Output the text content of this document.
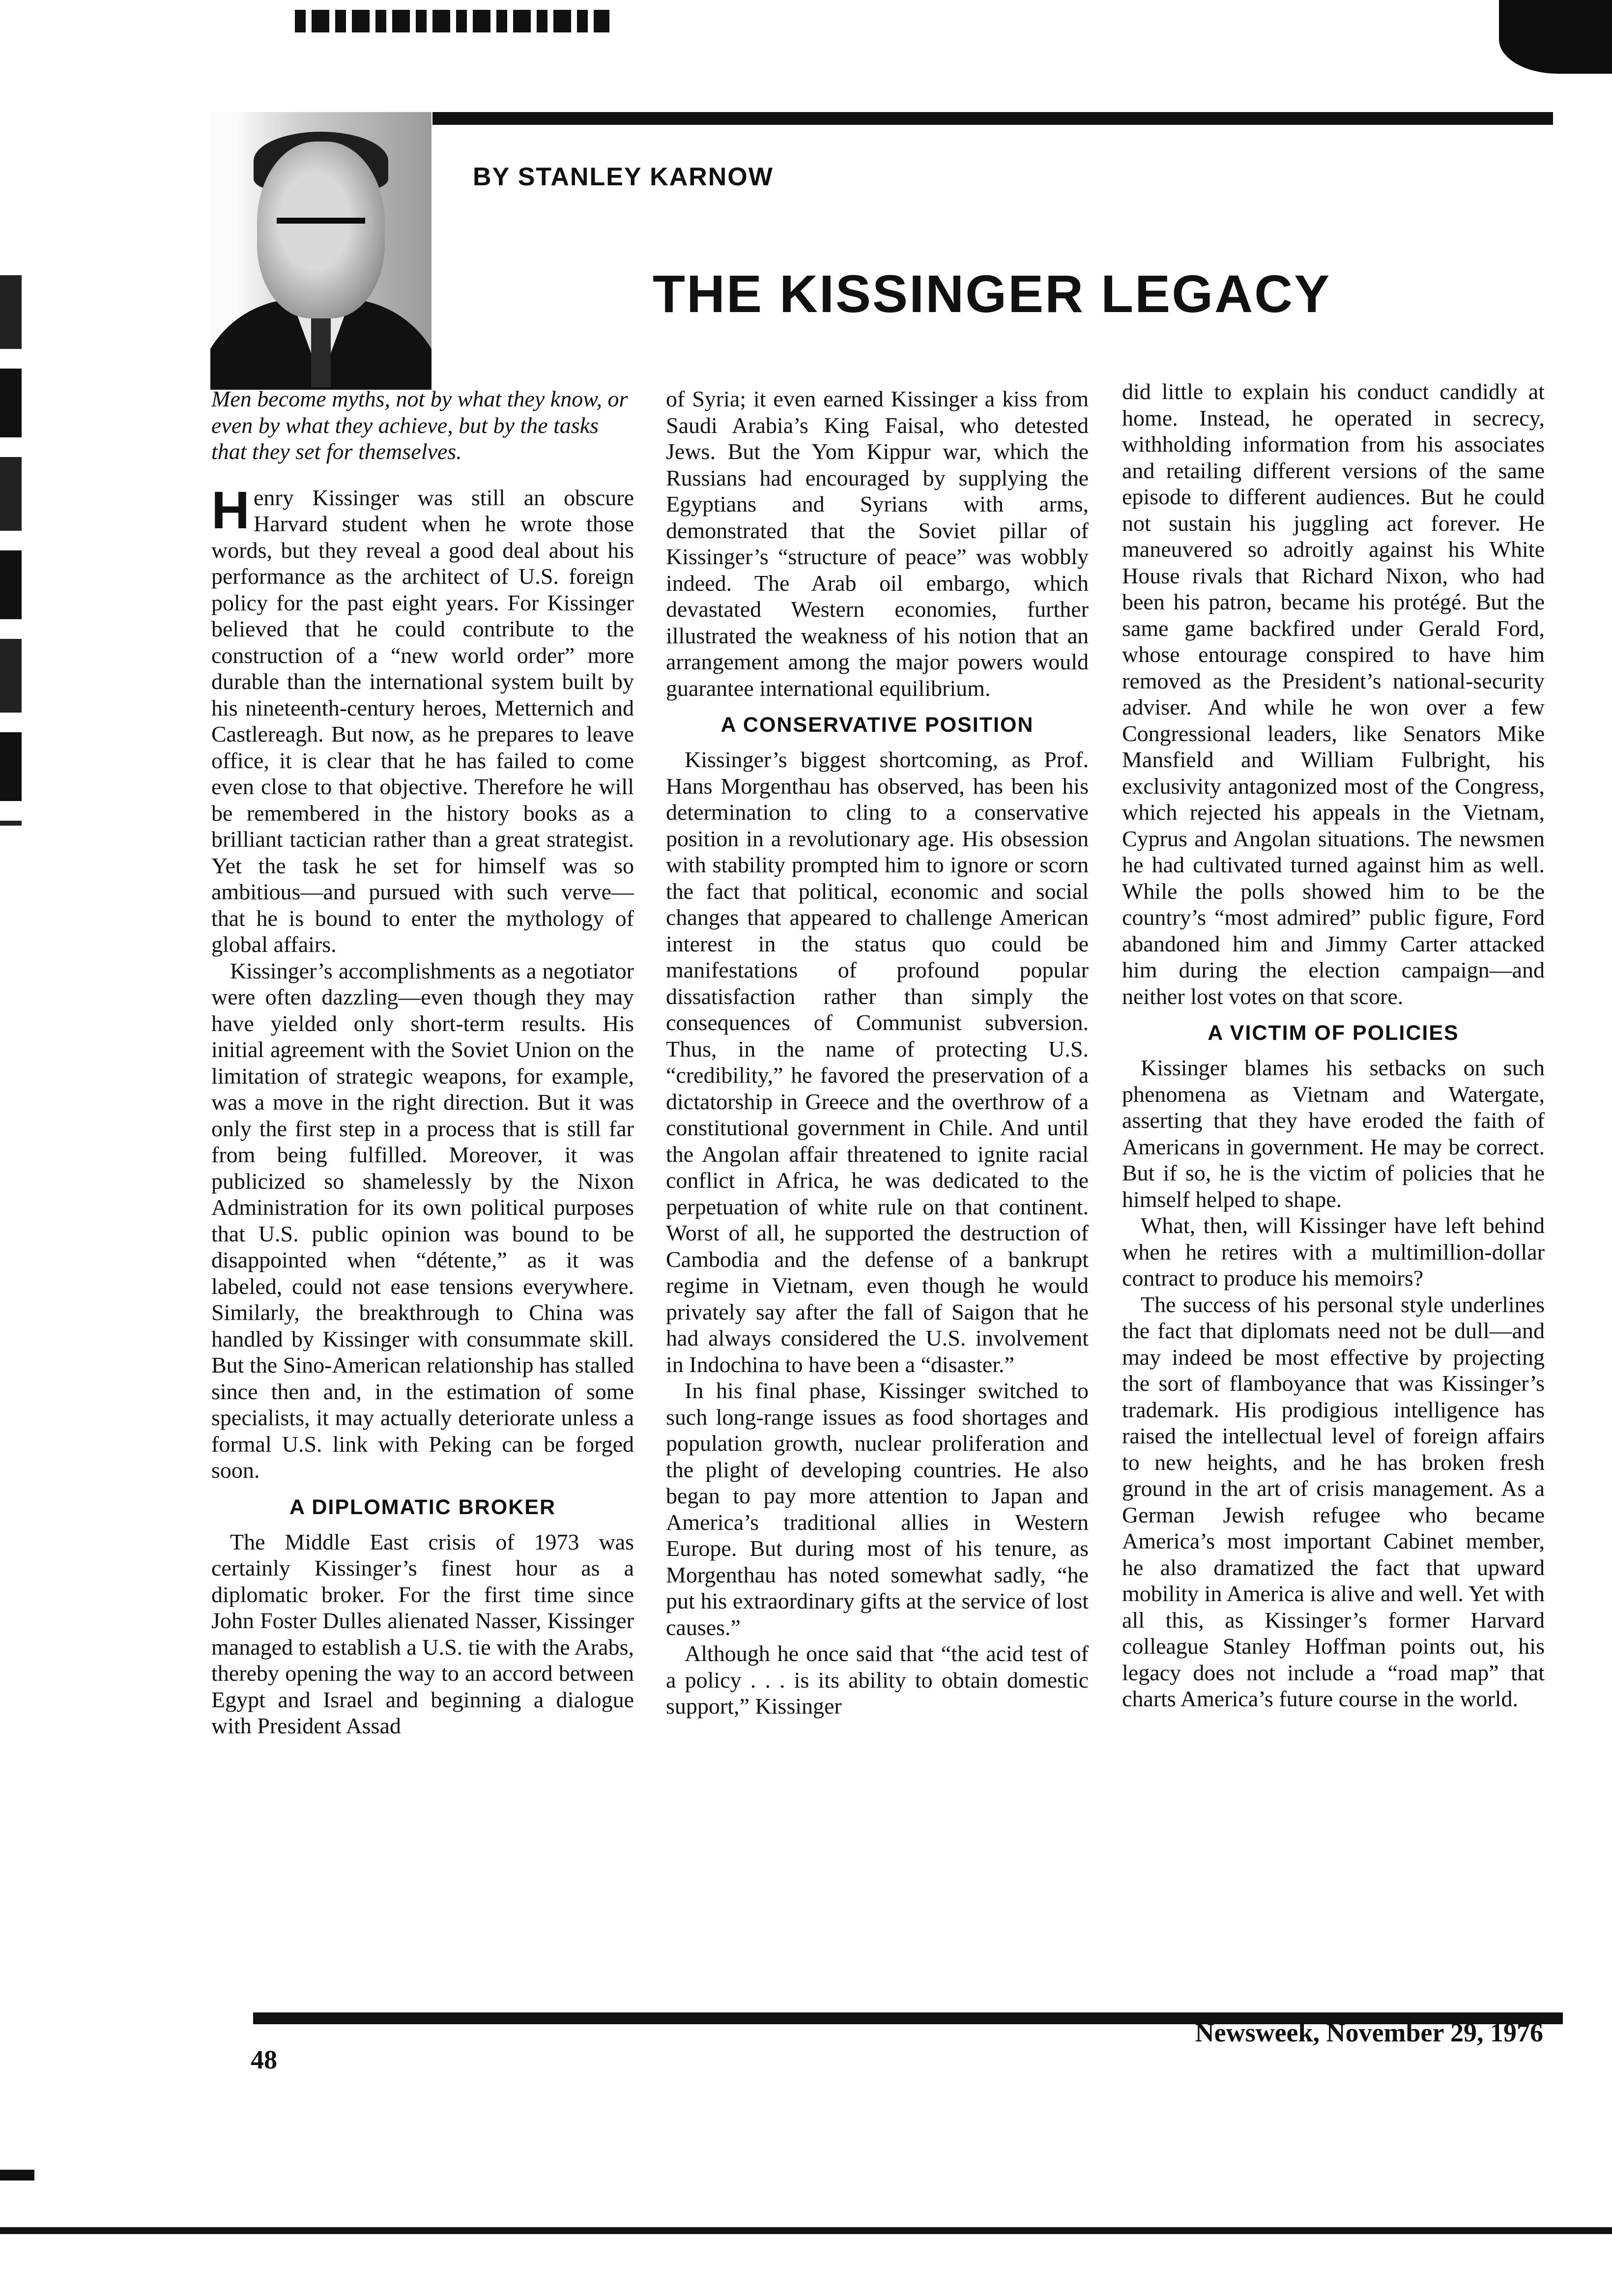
BY STANLEY KARNOW
THE KISSINGER LEGACY

Men become myths, not by what they know, or even by what they achieve, but by the tasks that they set for themselves.

Henry Kissinger was still an obscure Harvard student when he wrote those words, but they reveal a good deal about his performance as the architect of U.S. foreign policy for the past eight years. For Kissinger believed that he could contribute to the construction of a “new world order” more durable than the international system built by his nineteenth-century heroes, Metternich and Castlereagh. But now, as he prepares to leave office, it is clear that he has failed to come even close to that objective. Therefore he will be remembered in the history books as a brilliant tactician rather than a great strategist. Yet the task he set for himself was so ambitious—and pursued with such verve—that he is bound to enter the mythology of global affairs.

Kissinger’s accomplishments as a negotiator were often dazzling—even though they may have yielded only short-term results. His initial agreement with the Soviet Union on the limitation of strategic weapons, for example, was a move in the right direction. But it was only the first step in a process that is still far from being fulfilled. Moreover, it was publicized so shamelessly by the Nixon Administration for its own political purposes that U.S. public opinion was bound to be disappointed when “détente,” as it was labeled, could not ease tensions everywhere. Similarly, the breakthrough to China was handled by Kissinger with consummate skill. But the Sino-American relationship has stalled since then and, in the estimation of some specialists, it may actually deteriorate unless a formal U.S. link with Peking can be forged soon.

A DIPLOMATIC BROKER

The Middle East crisis of 1973 was certainly Kissinger’s finest hour as a diplomatic broker. For the first time since John Foster Dulles alienated Nasser, Kissinger managed to establish a U.S. tie with the Arabs, thereby opening the way to an accord between Egypt and Israel and beginning a dialogue with President Assad

of Syria; it even earned Kissinger a kiss from Saudi Arabia’s King Faisal, who detested Jews. But the Yom Kippur war, which the Russians had encouraged by supplying the Egyptians and Syrians with arms, demonstrated that the Soviet pillar of Kissinger’s “structure of peace” was wobbly indeed. The Arab oil embargo, which devastated Western economies, further illustrated the weakness of his notion that an arrangement among the major powers would guarantee international equilibrium.

A CONSERVATIVE POSITION

Kissinger’s biggest shortcoming, as Prof. Hans Morgenthau has observed, has been his determination to cling to a conservative position in a revolutionary age. His obsession with stability prompted him to ignore or scorn the fact that political, economic and social changes that appeared to challenge American interest in the status quo could be manifestations of profound popular dissatisfaction rather than simply the consequences of Communist subversion. Thus, in the name of protecting U.S. “credibility,” he favored the preservation of a dictatorship in Greece and the overthrow of a constitutional government in Chile. And until the Angolan affair threatened to ignite racial conflict in Africa, he was dedicated to the perpetuation of white rule on that continent. Worst of all, he supported the destruction of Cambodia and the defense of a bankrupt regime in Vietnam, even though he would privately say after the fall of Saigon that he had always considered the U.S. involvement in Indochina to have been a “disaster.”

In his final phase, Kissinger switched to such long-range issues as food shortages and population growth, nuclear proliferation and the plight of developing countries. He also began to pay more attention to Japan and America’s traditional allies in Western Europe. But during most of his tenure, as Morgenthau has noted somewhat sadly, “he put his extraordinary gifts at the service of lost causes.”

Although he once said that “the acid test of a policy . . . is its ability to obtain domestic support,” Kissinger

did little to explain his conduct candidly at home. Instead, he operated in secrecy, withholding information from his associates and retailing different versions of the same episode to different audiences. But he could not sustain his juggling act forever. He maneuvered so adroitly against his White House rivals that Richard Nixon, who had been his patron, became his protégé. But the same game backfired under Gerald Ford, whose entourage conspired to have him removed as the President’s national-security adviser. And while he won over a few Congressional leaders, like Senators Mike Mansfield and William Fulbright, his exclusivity antagonized most of the Congress, which rejected his appeals in the Vietnam, Cyprus and Angolan situations. The newsmen he had cultivated turned against him as well. While the polls showed him to be the country’s “most admired” public figure, Ford abandoned him and Jimmy Carter attacked him during the election campaign—and neither lost votes on that score.

A VICTIM OF POLICIES

Kissinger blames his setbacks on such phenomena as Vietnam and Watergate, asserting that they have eroded the faith of Americans in government. He may be correct. But if so, he is the victim of policies that he himself helped to shape.

What, then, will Kissinger have left behind when he retires with a multimillion-dollar contract to produce his memoirs?

The success of his personal style underlines the fact that diplomats need not be dull—and may indeed be most effective by projecting the sort of flamboyance that was Kissinger’s trademark. His prodigious intelligence has raised the intellectual level of foreign affairs to new heights, and he has broken fresh ground in the art of crisis management. As a German Jewish refugee who became America’s most important Cabinet member, he also dramatized the fact that upward mobility in America is alive and well. Yet with all this, as Kissinger’s former Harvard colleague Stanley Hoffman points out, his legacy does not include a “road map” that charts America’s future course in the world.

Newsweek, November 29, 1976
48
